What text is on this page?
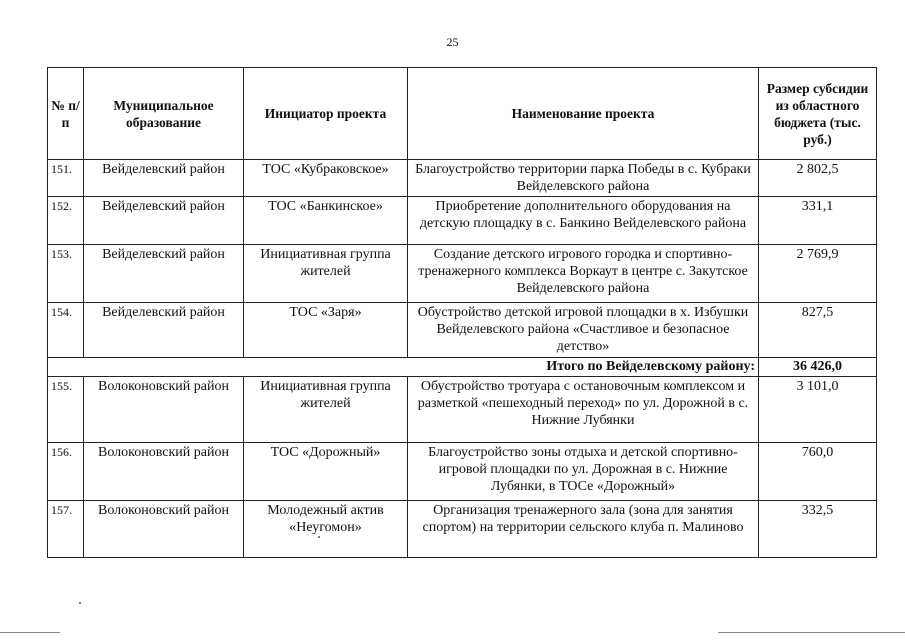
25
№ п/п	Муниципальное образование	Инициатор проекта	Наименование проекта	Размер субсидии из областного бюджета (тыс. руб.)
151.	Вейделевский район	ТОС «Кубраковское»	Благоустройство территории парка Победы в с. Кубраки Вейделевского района	2 802,5
152.	Вейделевский район	ТОС «Банкинское»	Приобретение дополнительного оборудования на детскую площадку в с. Банкино Вейделевского района	331,1
153.	Вейделевский район	Инициативная группа жителей	Создание детского игрового городка и спортивно-тренажерного комплекса Воркаут в центре с. Закутское Вейделевского района	2 769,9
154.	Вейделевский район	ТОС «Заря»	Обустройство детской игровой площадки в х. Избушки Вейделевского района «Счастливое и безопасное детство»	827,5
Итого по Вейделевскому району:				36 426,0
155.	Волоконовский район	Инициативная группа жителей	Обустройство тротуара с остановочным комплексом и разметкой «пешеходный переход» по ул. Дорожной в с. Нижние Лубянки	3 101,0
156.	Волоконовский район	ТОС «Дорожный»	Благоустройство зоны отдыха и детской спортивно-игровой площадки по ул. Дорожная в с. Нижние Лубянки, в ТОСе «Дорожный»	760,0
157.	Волоконовский район	Молодежный актив «Неугомон»	Организация тренажерного зала (зона для занятия спортом) на территории сельского клуба п. Малиново	332,5
